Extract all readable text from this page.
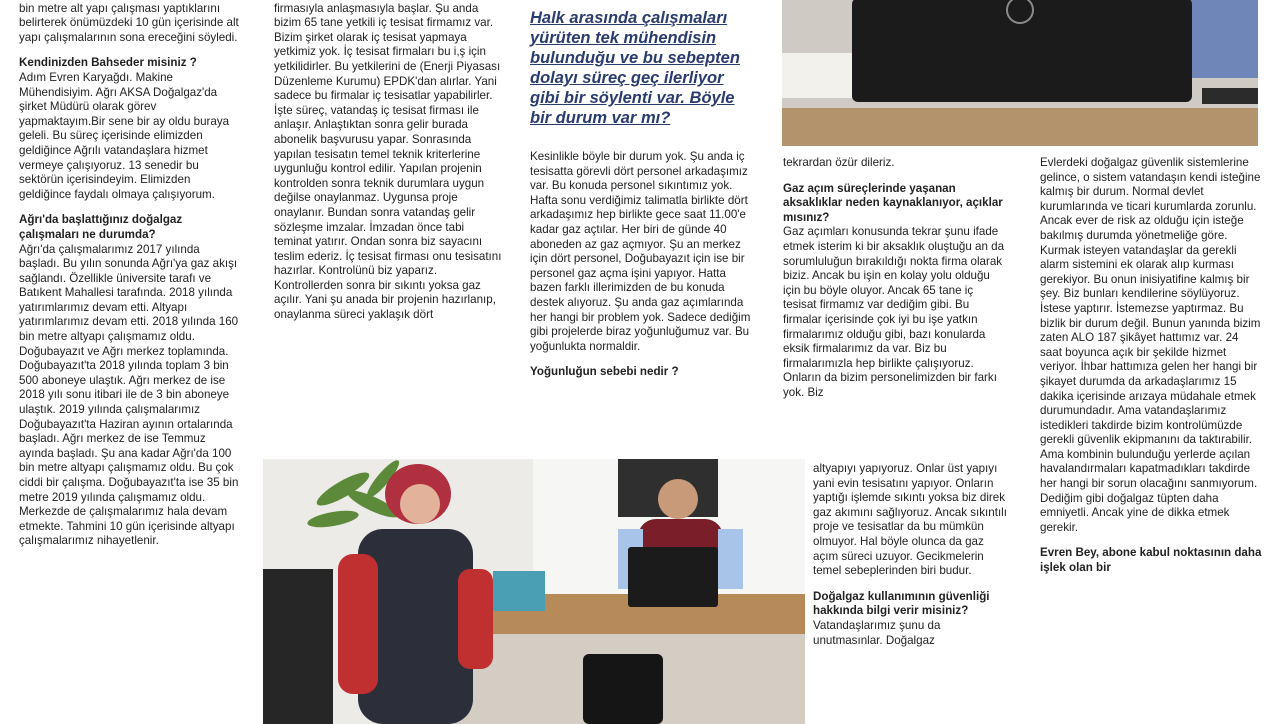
bin metre alt yapı çalışması yaptıklarını belirterek önümüzdeki 10 gün içerisinde alt yapı çalışmalarının sona ereceğini söyledi.

Kendinizden Bahseder misiniz ?

Adım Evren Karyağdı. Makine Mühendisiyim. Ağrı AKSA Doğalgaz'da şirket Müdürü olarak görev yapmaktayım.Bir sene bir ay oldu buraya geleli. Bu süreç içerisinde elimizden geldiğince Ağrılı vatandaşlara hizmet vermeye çalışıyoruz. 13 senedir bu sektörün içerisindeyim. Elimizden geldiğince faydalı olmaya çalışıyorum.

Ağrı'da başlattığınız doğalgaz çalışmaları ne durumda?

Ağrı'da çalışmalarımız 2017 yılında başladı. Bu yılın sonunda Ağrı'ya gaz akışı sağlandı. Özellikle üniversite tarafı ve Batıkent Mahallesi tarafında. 2018 yılında yatırımlarımız devam etti. Altyapı yatırımlarımız devam etti. 2018 yılında 160 bin metre altyapı çalışmamız oldu. Doğubayazıt ve Ağrı merkez toplamında. Doğubayazıt'ta 2018 yılında toplam 3 bin 500 aboneye ulaştık. Ağrı merkez de ise 2018 yılı sonu itibari ile de 3 bin aboneye ulaştık. 2019 yılında çalışmalarımız Doğubayazıt'ta Haziran ayının ortalarında başladı. Ağrı merkez de ise Temmuz ayında başladı. Şu ana kadar Ağrı'da 100 bin metre altyapı çalışmamız oldu. Bu çok ciddi bir çalışma. Doğubayazıt'ta ise 35 bin metre 2019 yılında çalışmamız oldu. Merkezde de çalışmalarımız hala devam etmekte. Tahmini 10 gün içerisinde altyapı çalışmalarımız nihayetlenir.

firmasıyla anlaşmasıyla başlar. Şu anda bizim 65 tane yetkili iç tesisat firmamız var. Bizim şirket olarak iç tesisat yapmaya yetkimiz yok. İç tesisat firmaları bu i,ş için yetkilidirler. Bu yetkilerini de (Enerji Piyasası Düzenleme Kurumu) EPDK'dan alırlar. Yani sadece bu firmalar iç tesisatlar yapabilirler. İşte süreç, vatandaş iç tesisat firması ile anlaşır. Anlaştıktan sonra gelir burada abonelik başvurusu yapar. Sonrasında yapılan tesisatın temel teknik kriterlerine uygunluğu kontrol edilir. Yapılan projenin kontrolden sonra teknik durumlara uygun değilse onaylanmaz. Uygunsa proje onaylanır. Bundan sonra vatandaş gelir sözleşme imzalar. İmzadan önce tabi teminat yatırır. Ondan sonra biz sayacını teslim ederiz. İç tesisat firması onu tesisatını hazırlar. Kontrolünü biz yaparız. Kontrollerden sonra bir sıkıntı yoksa gaz açılır. Yani şu anada bir projenin hazırlanıp, onaylanma süreci yaklaşık dört

Halk arasında çalışmaları yürüten tek mühendisin bulunduğu ve bu sebepten dolayı süreç geç ilerliyor gibi bir söylenti var. Böyle bir durum var mı?

Kesinlikle böyle bir durum yok. Şu anda iç tesisatta görevli dört personel arkadaşımız var. Bu konuda personel sıkıntımız yok. Hafta sonu verdiğimiz talimatla birlikte dört arkadaşımız hep birlikte gece saat 11.00'e kadar gaz açtılar. Her biri de günde 40 aboneden az gaz açmıyor. Şu an merkez için dört personel, Doğubayazıt için ise bir personel gaz açma işini yapıyor. Hatta bazen farklı illerimizden de bu konuda destek alıyoruz. Şu anda gaz açımlarında her hangi bir problem yok. Sadece dediğim gibi projelerde biraz yoğunluğumuz var. Bu yoğunlukta normaldir.

Yoğunluğun sebebi nedir ?

tekrardan özür dileriz.

Gaz açım süreçlerinde yaşanan aksaklıklar neden kaynaklanıyor, açıklar mısınız?

Gaz açımları konusunda tekrar şunu ifade etmek isterim ki bir aksaklık oluştuğu an da sorumluluğun bırakıldığı nokta firma olarak biziz. Ancak bu işin en kolay yolu olduğu için bu böyle oluyor. Ancak 65 tane iç tesisat firmamız var dediğim gibi. Bu firmalar içerisinde çok iyi bu işe yatkın firmalarımız olduğu gibi, bazı konularda eksik firmalarımız da var. Biz bu firmalarımızla hep birlikte çalışıyoruz. Onların da bizim personelimizden bir farkı yok. Biz

altyapıyı yapıyoruz. Onlar üst yapıyı yani evin tesisatını yapıyor. Onların yaptığı işlemde sıkıntı yoksa biz direk gaz akımını sağlıyoruz. Ancak sıkıntılı proje ve tesisatlar da bu mümkün olmuyor. Hal böyle olunca da gaz açım süreci uzuyor. Gecikmelerin temel sebeplerinden biri budur.

Doğalgaz kullanımının güvenliği hakkında bilgi verir misiniz?

Vatandaşlarımız şunu da unutmasınlar. Doğalgaz

Evlerdeki doğalgaz güvenlik sistemlerine gelince, o sistem vatandaşın kendi isteğine kalmış bir durum. Normal devlet kurumlarında ve ticari kurumlarda zorunlu. Ancak ever de risk az olduğu için isteğe bakılmış durumda yönetmeliğe göre. Kurmak isteyen vatandaşlar da gerekli alarm sistemini ek olarak alıp kurması gerekiyor. Bu onun inisiyatifine kalmış bir şey. Biz bunları kendilerine söylüyoruz. İstese yaptırır. İstemezse yaptırmaz. Bu bizlik bir durum değil. Bunun yanında bizim zaten ALO 187 şikâyet hattımız var. 24 saat boyunca açık bir şekilde hizmet veriyor. İhbar hattımıza gelen her hangi bir şikayet durumda da arkadaşlarımız 15 dakika içerisinde arızaya müdahale etmek durumundadır. Ama vatandaşlarımız istedikleri takdirde bizim kontrolümüzde gerekli güvenlik ekipmanını da taktırabilir. Ama kombinin bulunduğu yerlerde açılan havalandırmaları kapatmadıkları takdirde her hangi bir sorun olacağını sanmıyorum. Dediğim gibi doğalgaz tüpten daha emniyetli. Ancak yine de dikka etmek gerekir.

Evren Bey, abone kabul noktasının daha işlek olan bir
